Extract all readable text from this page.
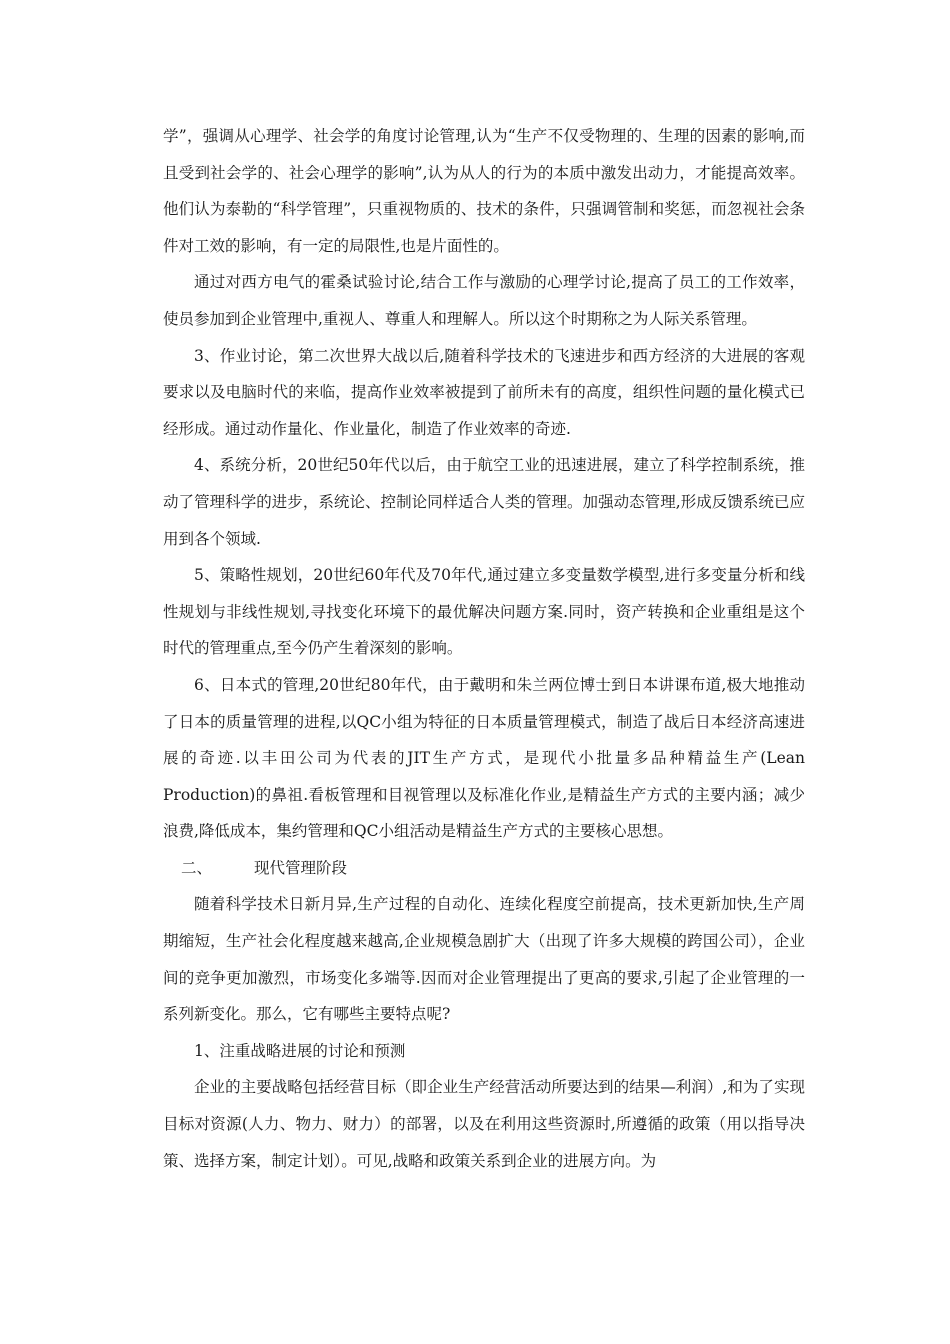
学”，强调从心理学、社会学的角度讨论管理,认为“生产不仅受物理的、生理的因素的影响,而且受到社会学的、社会心理学的影响”,认为从人的行为的本质中激发出动力，才能提高效率。他们认为泰勒的“科学管理”，只重视物质的、技术的条件，只强调管制和奖惩，而忽视社会条件对工效的影响，有一定的局限性,也是片面性的。

通过对西方电气的霍桑试验讨论,结合工作与激励的心理学讨论,提高了员工的工作效率，使员参加到企业管理中,重视人、尊重人和理解人。所以这个时期称之为人际关系管理。

3、作业讨论，第二次世界大战以后,随着科学技术的飞速进步和西方经济的大进展的客观要求以及电脑时代的来临，提高作业效率被提到了前所未有的高度，组织性问题的量化模式已经形成。通过动作量化、作业量化，制造了作业效率的奇迹.

4、系统分析，20世纪50年代以后，由于航空工业的迅速进展，建立了科学控制系统，推动了管理科学的进步，系统论、控制论同样适合人类的管理。加强动态管理,形成反馈系统已应用到各个领域.

5、策略性规划，20世纪60年代及70年代,通过建立多变量数学模型,进行多变量分析和线性规划与非线性规划,寻找变化环境下的最优解决问题方案.同时，资产转换和企业重组是这个时代的管理重点,至今仍产生着深刻的影响。

6、日本式的管理,20世纪80年代，由于戴明和朱兰两位博士到日本讲课布道,极大地推动了日本的质量管理的进程,以QC小组为特征的日本质量管理模式，制造了战后日本经济高速进展的奇迹.以丰田公司为代表的JIT生产方式，是现代小批量多品种精益生产(Lean Production)的鼻祖.看板管理和目视管理以及标准化作业,是精益生产方式的主要内涵；减少浪费,降低成本，集约管理和QC小组活动是精益生产方式的主要核心思想。

二、	现代管理阶段

随着科学技术日新月异,生产过程的自动化、连续化程度空前提高，技术更新加快,生产周期缩短，生产社会化程度越来越高,企业规模急剧扩大（出现了许多大规模的跨国公司），企业间的竞争更加激烈，市场变化多端等.因而对企业管理提出了更高的要求,引起了企业管理的一系列新变化。那么，它有哪些主要特点呢?

1、注重战略进展的讨论和预测

企业的主要战略包括经营目标（即企业生产经营活动所要达到的结果—利润）,和为了实现目标对资源(人力、物力、财力）的部署，以及在利用这些资源时,所遵循的政策（用以指导决策、选择方案，制定计划）。可见,战略和政策关系到企业的进展方向。为
